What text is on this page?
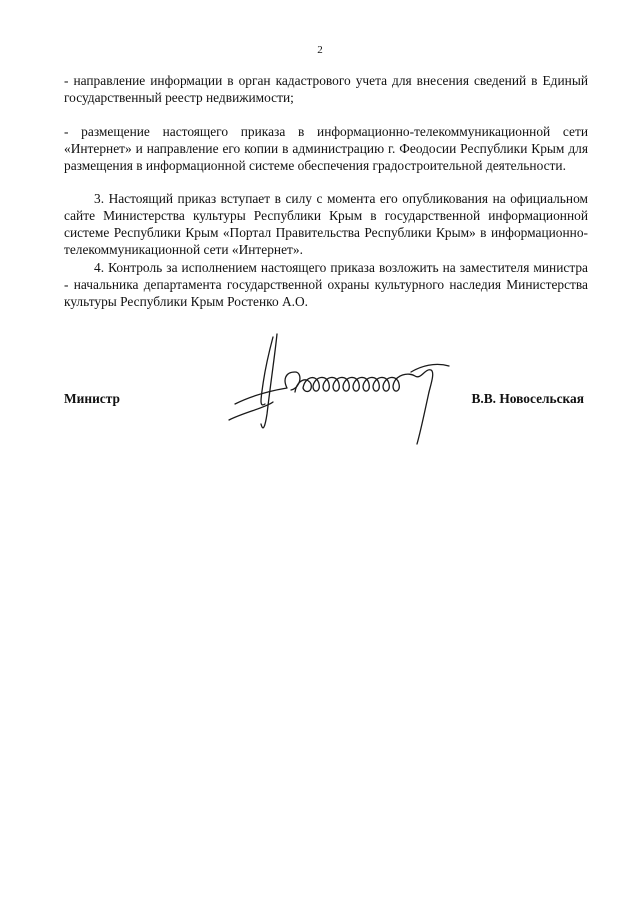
2

- направление информации в орган кадастрового учета для внесения сведений в Единый государственный реестр недвижимости;

- размещение настоящего приказа в информационно-телекоммуникационной сети «Интернет» и направление его копии в администрацию г. Феодосии Республики Крым для размещения в информационной системе обеспечения градостроительной деятельности.

3. Настоящий приказ вступает в силу с момента его опубликования на официальном сайте Министерства культуры Республики Крым в государственной информационной системе Республики Крым «Портал Правительства Республики Крым» в информационно-телекоммуникационной сети «Интернет».

4. Контроль за исполнением настоящего приказа возложить на заместителя министра - начальника департамента государственной охраны культурного наследия Министерства культуры Республики Крым Ростенко А.О.

Министр	В.В. Новосельская
